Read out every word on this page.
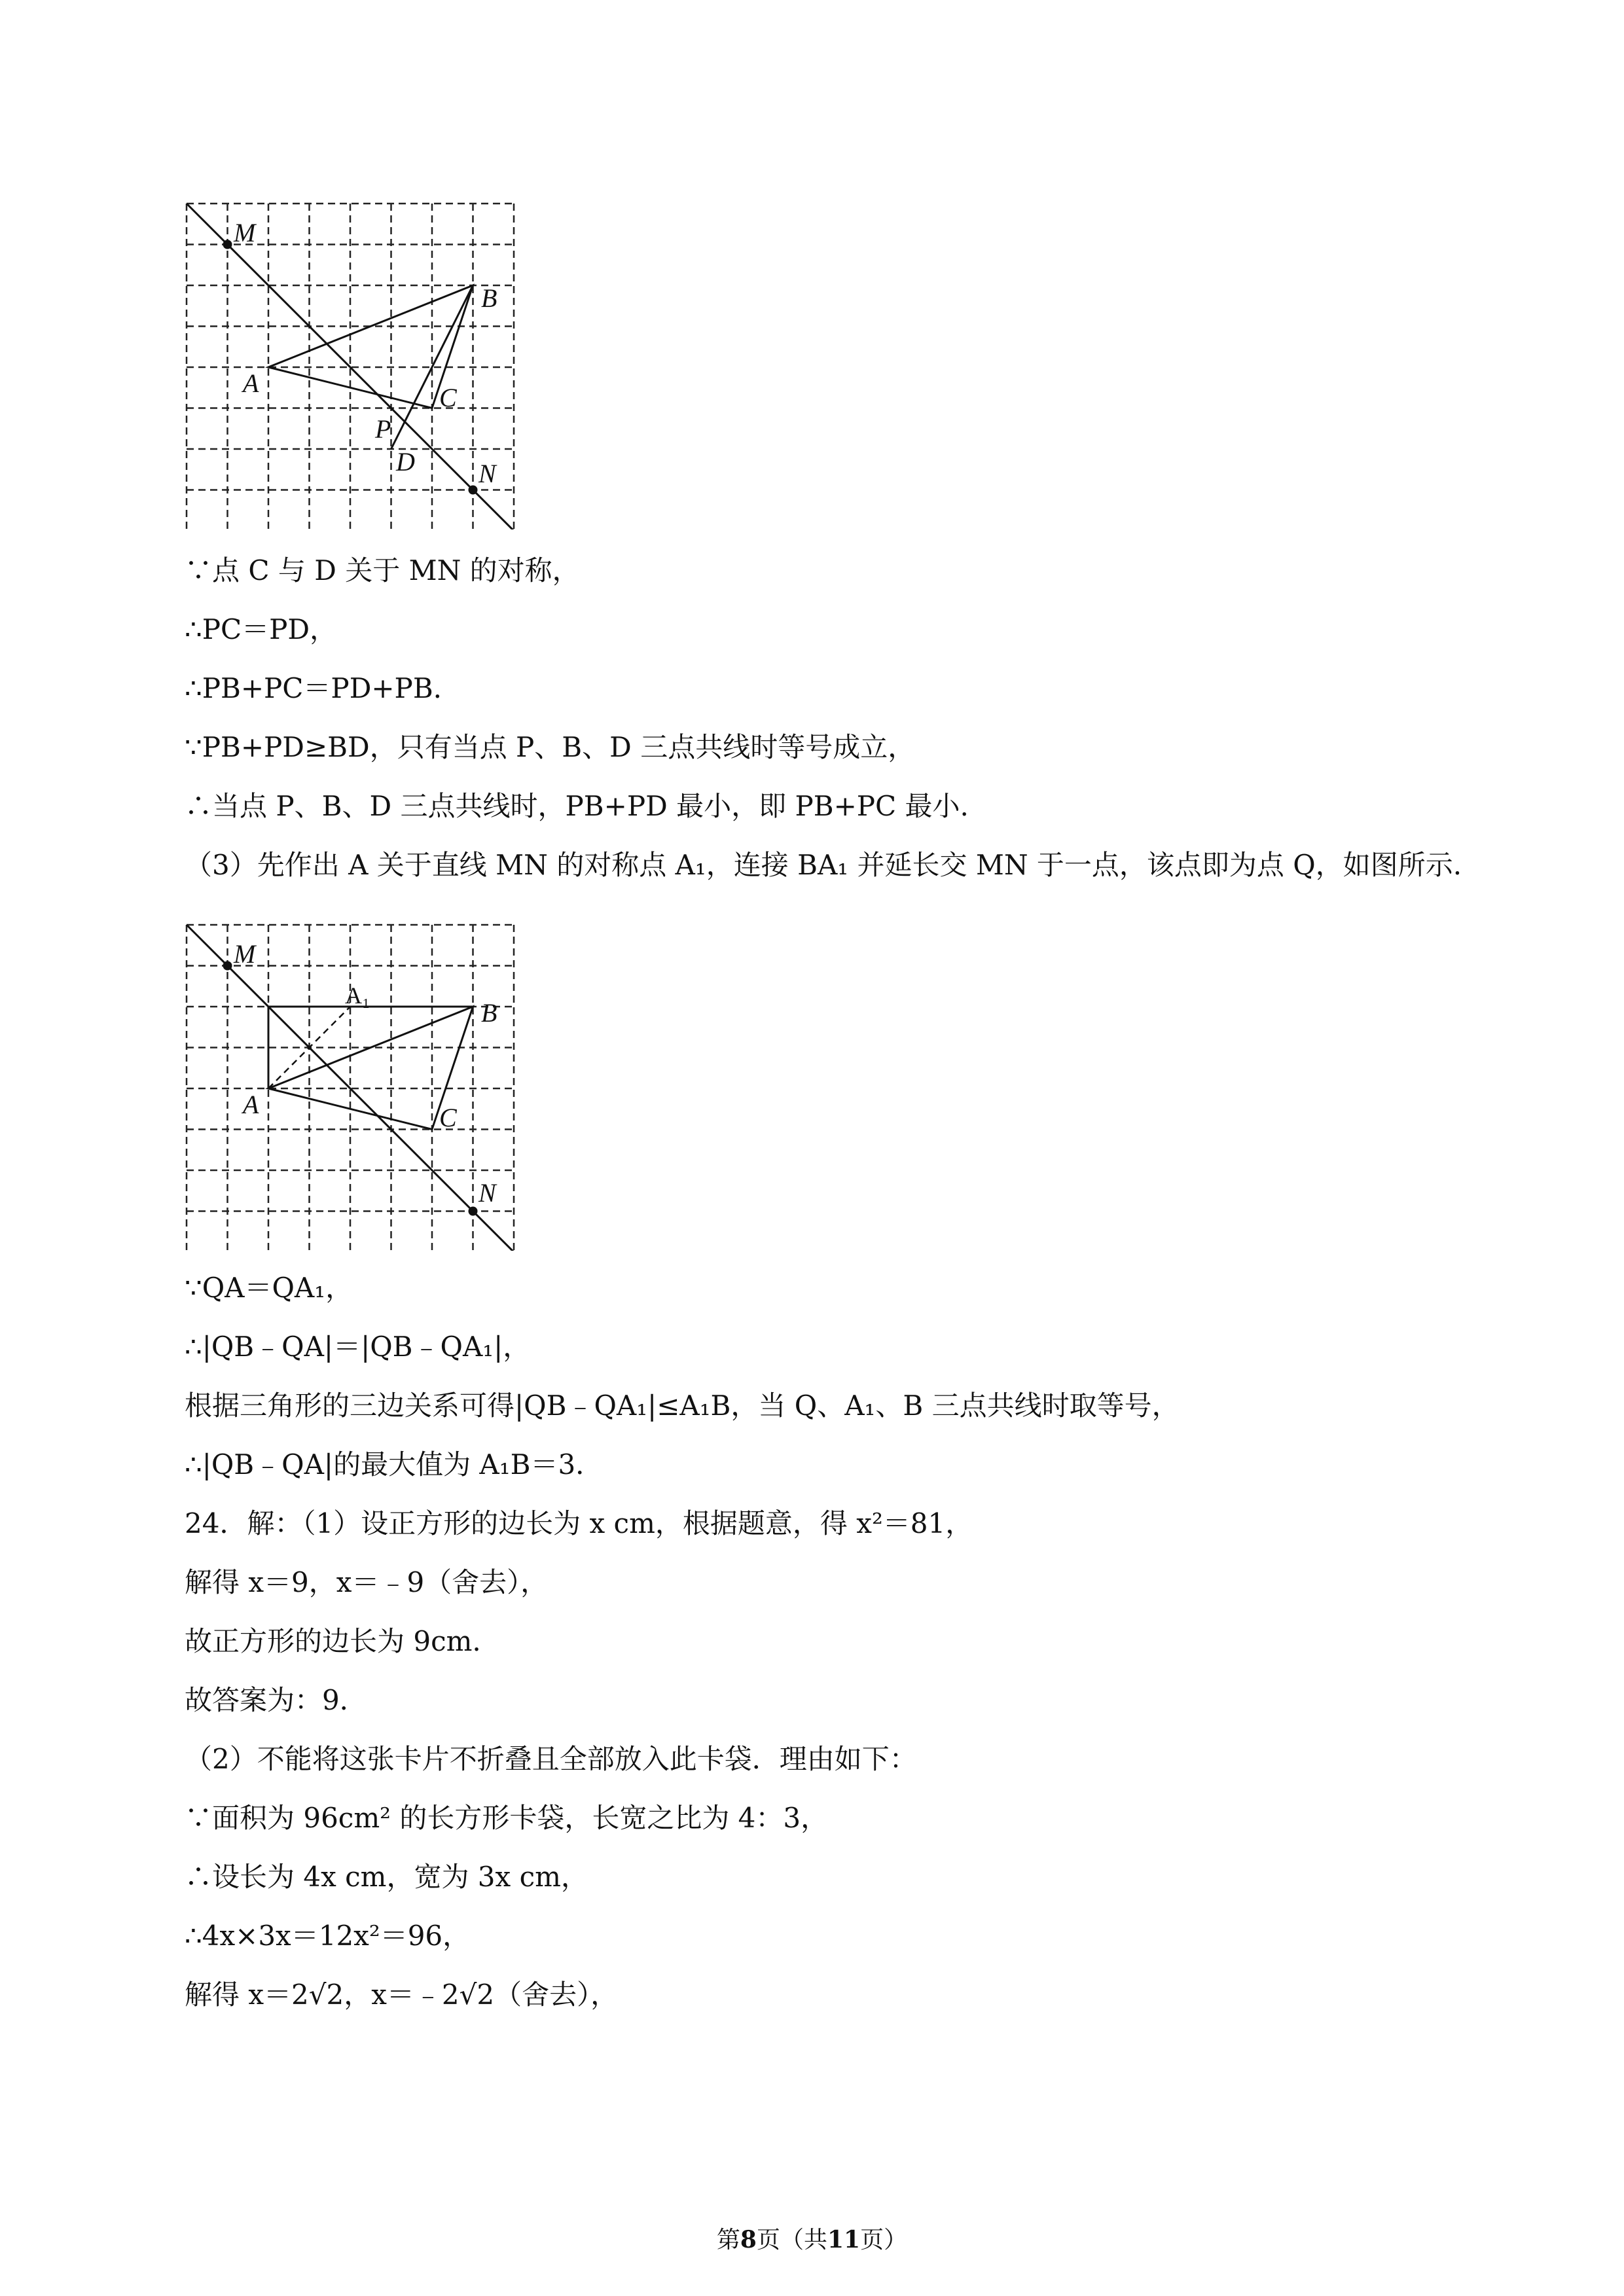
M
B
A	C
P
D N

∵点 C 与 D 关于 MN 的对称，

∴PC＝PD，

∴PB+PC＝PD+PB.

∵PB+PD≥BD，只有当点 P、B、D 三点共线时等号成立，

∴当点 P、B、D 三点共线时，PB+PD 最小，即 PB+PC 最小.

（3）先作出 A 关于直线 MN 的对称点 A₁，连接 BA₁ 并延长交 MN 于一点，该点即为点 Q，如图所示.

M
A₁
B
A	C
N

∵QA＝QA₁，

∴|QB﹣QA|＝|QB﹣QA₁|，

根据三角形的三边关系可得|QB﹣QA₁|≤A₁B，当 Q、A₁、B 三点共线时取等号，

∴|QB﹣QA|的最大值为 A₁B＝3．

24．解：（1）设正方形的边长为 x cm，根据题意，得 x²＝81，

解得 x＝9，x＝﹣9（舍去），

故正方形的边长为 9cm.

故答案为：9．

（2）不能将这张卡片不折叠且全部放入此卡袋．理由如下：

∵面积为 96cm² 的长方形卡袋，长宽之比为 4：3，

∴设长为 4x cm，宽为 3x cm，

∴4x×3x＝12x²＝96，

解得 x＝2√2，x＝﹣2√2（舍去），

第8页（共11页）
